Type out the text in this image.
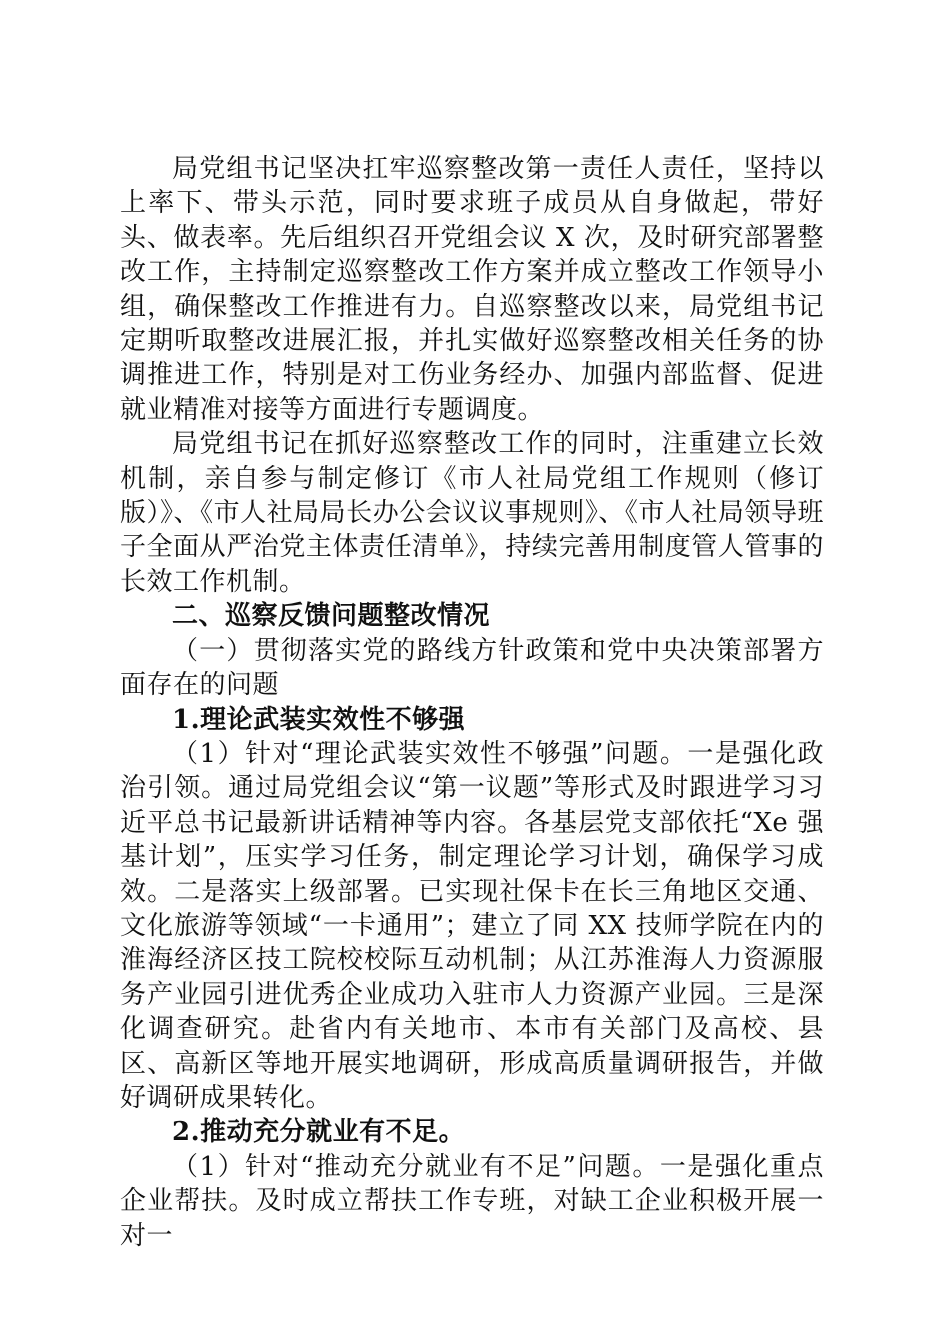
局党组书记坚决扛牢巡察整改第一责任人责任，坚持以上率下、带头示范，同时要求班子成员从自身做起，带好头、做表率。先后组织召开党组会议 X 次，及时研究部署整改工作，主持制定巡察整改工作方案并成立整改工作领导小组，确保整改工作推进有力。自巡察整改以来，局党组书记定期听取整改进展汇报，并扎实做好巡察整改相关任务的协调推进工作，特别是对工伤业务经办、加强内部监督、促进就业精准对接等方面进行专题调度。

局党组书记在抓好巡察整改工作的同时，注重建立长效机制，亲自参与制定修订《市人社局党组工作规则（修订版）》、《市人社局局长办公会议议事规则》、《市人社局领导班子全面从严治党主体责任清单》，持续完善用制度管人管事的长效工作机制。

二、巡察反馈问题整改情况

（一）贯彻落实党的路线方针政策和党中央决策部署方面存在的问题

1.理论武装实效性不够强

（1）针对“理论武装实效性不够强”问题。一是强化政治引领。通过局党组会议“第一议题”等形式及时跟进学习习近平总书记最新讲话精神等内容。各基层党支部依托“Xe 强基计划”，压实学习任务，制定理论学习计划，确保学习成效。二是落实上级部署。已实现社保卡在长三角地区交通、文化旅游等领域“一卡通用”；建立了同 XX 技师学院在内的淮海经济区技工院校校际互动机制；从江苏淮海人力资源服务产业园引进优秀企业成功入驻市人力资源产业园。三是深化调查研究。赴省内有关地市、本市有关部门及高校、县区、高新区等地开展实地调研，形成高质量调研报告，并做好调研成果转化。

2.推动充分就业有不足。

（1）针对“推动充分就业有不足”问题。一是强化重点企业帮扶。及时成立帮扶工作专班，对缺工企业积极开展一对一
